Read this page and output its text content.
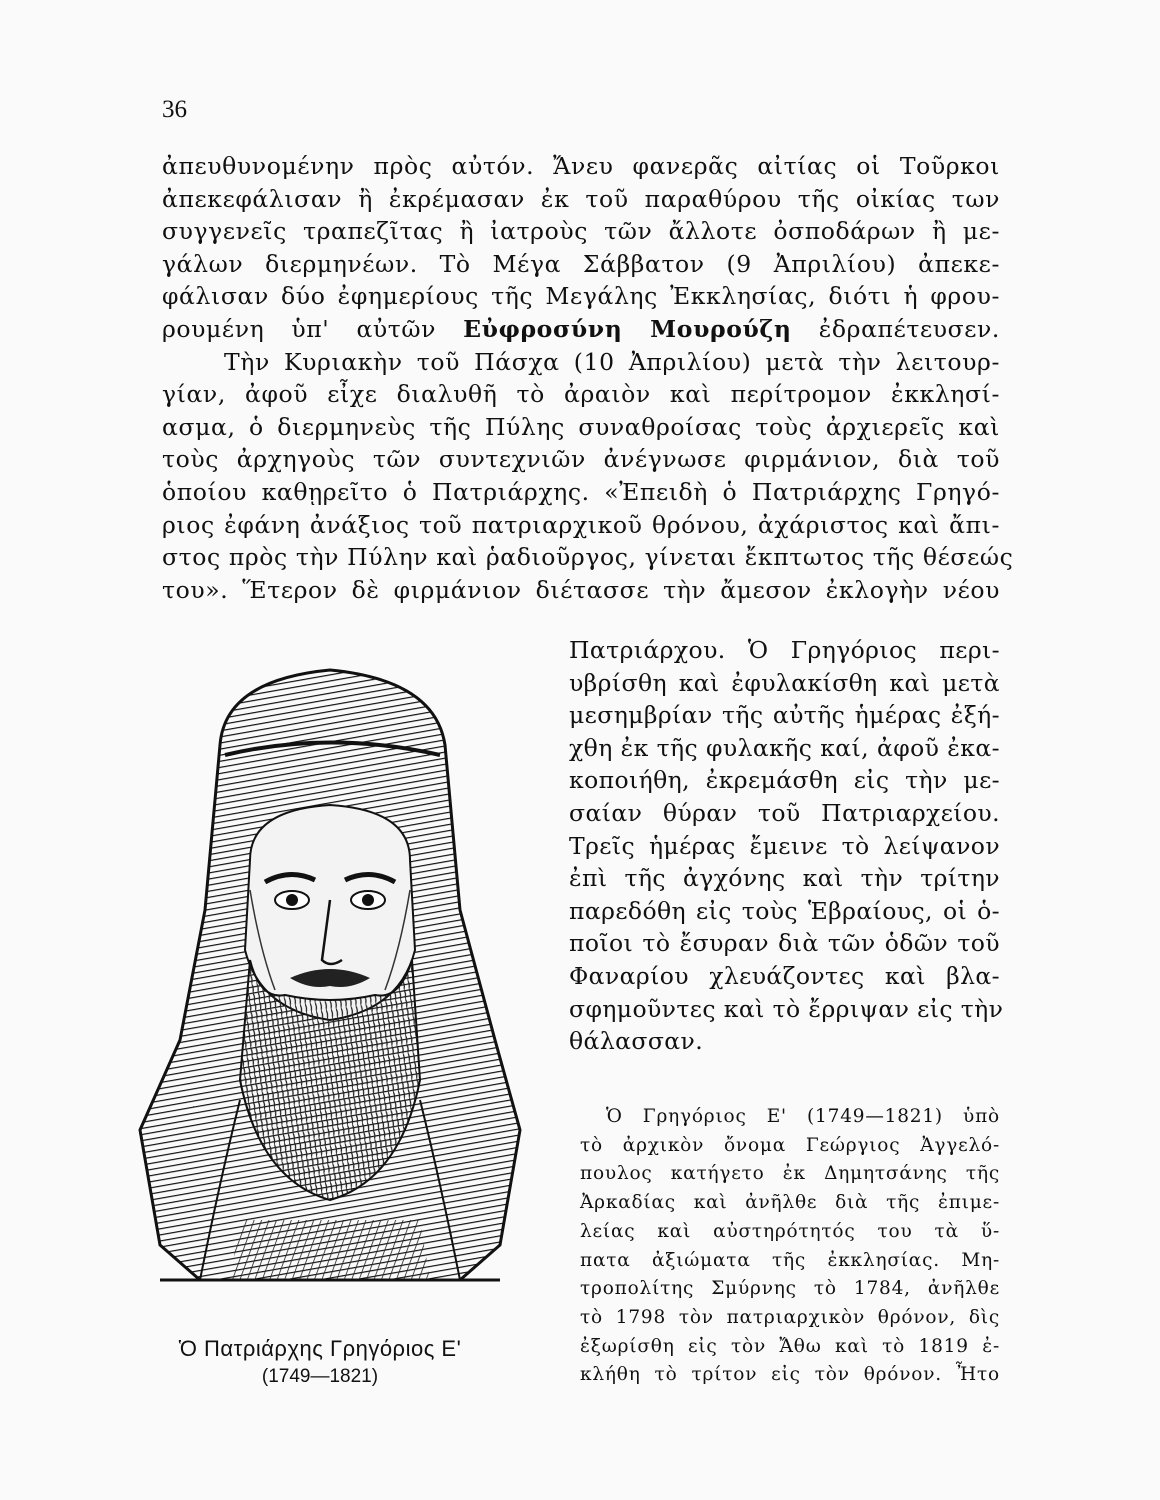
36
ἀπευθυνομένην πρὸς αὐτόν. Ἄνευ φανερᾶς αἰτίας οἱ Τοῦρκοι
ἀπεκεφάλισαν ἢ ἐκρέμασαν ἐκ τοῦ παραθύρου τῆς οἰκίας των
συγγενεῖς τραπεζῖτας ἢ ἰατροὺς τῶν ἄλλοτε ὀσποδάρων ἢ με-
γάλων διερμηνέων. Τὸ Μέγα Σάββατον (9 Ἀπριλίου) ἀπεκε-
φάλισαν δύο ἐφημερίους τῆς Μεγάλης Ἐκκλησίας, διότι ἡ φρου-
ρουμένη ὑπ' αὐτῶν Εὐφροσύνη Μουρούζη ἐδραπέτευσεν.
Τὴν Κυριακὴν τοῦ Πάσχα (10 Ἀπριλίου) μετὰ τὴν λειτουρ-
γίαν, ἀφοῦ εἶχε διαλυθῆ τὸ ἀραιὸν καὶ περίτρομον ἐκκλησί-
ασμα, ὁ διερμηνεὺς τῆς Πύλης συναθροίσας τοὺς ἀρχιερεῖς καὶ
τοὺς ἀρχηγοὺς τῶν συντεχνιῶν ἀνέγνωσε φιρμάνιον, διὰ τοῦ
ὁποίου καθῃρεῖτο ὁ Πατριάρχης. «Ἐπειδὴ ὁ Πατριάρχης Γρηγό-
ριος ἐφάνη ἀνάξιος τοῦ πατριαρχικοῦ θρόνου, ἀχάριστος καὶ ἄπι-
στος πρὸς τὴν Πύλην καὶ ῥαδιοῦργος, γίνεται ἔκπτωτος τῆς θέσεώς
του». Ἕτερον δὲ φιρμάνιον διέτασσε τὴν ἄμεσον ἐκλογὴν νέου
Πατριάρχου. Ὁ Γρηγόριος περι-
υβρίσθη καὶ ἐφυλακίσθη καὶ μετὰ
μεσημβρίαν τῆς αὐτῆς ἡμέρας ἐξή-
χθη ἐκ τῆς φυλακῆς καί, ἀφοῦ ἐκα-
κοποιήθη, ἐκρεμάσθη εἰς τὴν με-
σαίαν θύραν τοῦ Πατριαρχείου.
Τρεῖς ἡμέρας ἔμεινε τὸ λείψανον
ἐπὶ τῆς ἀγχόνης καὶ τὴν τρίτην
παρεδόθη εἰς τοὺς Ἑβραίους, οἱ ὁ-
ποῖοι τὸ ἔσυραν διὰ τῶν ὁδῶν τοῦ
Φαναρίου χλευάζοντες καὶ βλα-
σφημοῦντες καὶ τὸ ἔρριψαν εἰς τὴν
θάλασσαν.
Ὁ Γρηγόριος Ε' (1749—1821) ὑπὸ
τὸ ἀρχικὸν ὄνομα Γεώργιος Ἀγγελό-
πουλος κατήγετο ἐκ Δημητσάνης τῆς
Ἀρκαδίας καὶ ἀνῆλθε διὰ τῆς ἐπιμε-
λείας καὶ αὐστηρότητός του τὰ ὕ-
πατα ἀξιώματα τῆς ἐκκλησίας. Μη-
τροπολίτης Σμύρνης τὸ 1784, ἀνῆλθε
τὸ 1798 τὸν πατριαρχικὸν θρόνον, δὶς
ἐξωρίσθη εἰς τὸν Ἄθω καὶ τὸ 1819 ἐ-
κλήθη τὸ τρίτον εἰς τὸν θρόνον. Ἦτο
Ὁ Πατριάρχης Γρηγόριος Ε'
(1749—1821)
